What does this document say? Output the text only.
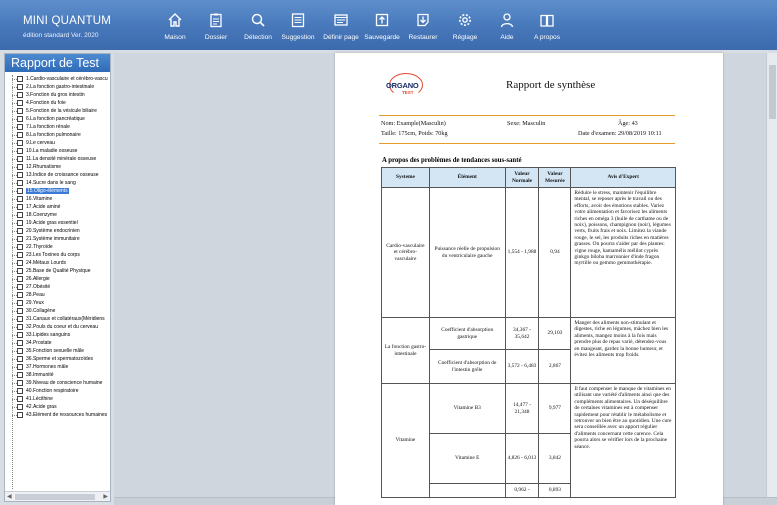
MINI QUANTUM
édition standard Ver. 2020	Maison	Dossier	Détection	Suggestion	Définir page Sauvegarde	Restaurer	Réglage	Aide	A propos
Rapport de Test
1.Cardio-vasculaire et cérébro-vascu
2.La fonction gastro-intestinale
3.Fonction du gros intestin
4.Fonction du foie
5.Fonction de la vésicule biliaire
6.La fonction pancréatique
7.La fonction rénale
8.La fonction pulmonaire
9.Le cerveau
10.La maladie osseuse
11.La densité minérale osseuse
12.Rhumatisme
13.Indice de croissance osseuse
14.Sucre dans le sang
15.Oligo-éléments
16.Vitamine
17.Acide aminé
18.Coenzyme
19.Acide gras essentiel
20.Système endocrinien
21.Système immunitaire
22.Thyroïde
23.Les Toxines du corps
24.Métaux Lourds
25.Base de Qualité Physique
26.Allergie
27.Obésité
28.Peau
29.Yeux
30.Collagène
31.Canaux et collatéraux(Méridiens
32.Pouls du coeur et du cerveau
33.Lipides sanguins
34.Prostate
35.Fonction sexuelle mâle
36.Sperme et spermatozoïdes
37.Hormones mâle
38.Immunité
39.Niveau de conscience humaine
40.Fonction respiratoire
41.Lécithine
42.Acide gras
43.Elément de ressources humaines
◀	▶
ORGANO
TEST
Rapport de synthèse
Nom: Example(Masculin)	Sexe: Masculin	Âge: 43
Taille: 175cm, Poids: 70kg	Date d'examen: 29/08/2019 10:11
A propos des problèmes de tendances sous-santé
Systeme	Élément	Valeur Normale	Valeur Mesurée	Avis d'Expert
Cardio-vasculaire et cérébro-vasculaire	Puissance réelle de propulsion du ventriculaire gauche	1,554 - 1,988	0,94	Réduire le stress, maintenir l'équilibre mental, se reposer après le travail ou des efforts, avoir des émotions stables. Variez votre alimentation et favorisez les aliments riches en oméga 3 (huile de carthame ou de noix), poissons, champignon (noir), légumes verts, fruits frais et noix. Limitez la viande rouge, le sel, les produits riches en matières grasses. On pourra s'aider par des plantes: vigne rouge, hamamélis mélilot cyprès ginkgo biloba marronnier d'inde fragon myrtille ou gemmo gemmothérapie.
La fonction gastro-intestinale	Coefficient d'absorption gastrique	34,367 - 35,642	29,103	Manger des aliments non-stimulant et digestes, riche en légumes, mâchez bien les aliments, mangez moins à la fois mais prendre plus de repas varié, détendez-vous en mangeant, gardez la bonne humeur, et évitez les aliments trop froids.
	Coefficient d'absorption de l'intestin grêle	3,572 - 6,483	2,867	
Vitamine	Vitamine B3	14,477 - 21,348	9,977	Il faut compenser le manque de vitamines en utilisant une variété d'aliments ainsi que des compléments alimentaires. Un déséquilibre de certaines vitamines est à compenser rapidement pour rétablir le métabolisme et retrouver un bien être au quotidien. Une cure sera conseillée avec un apport régulier d'aliments concernant cette carence. Cela pourra alors se vérifier lors de la prochaine séance.
	Vitamine E	4,826 - 6,013	3,842	
		0,962 -	0,893	
